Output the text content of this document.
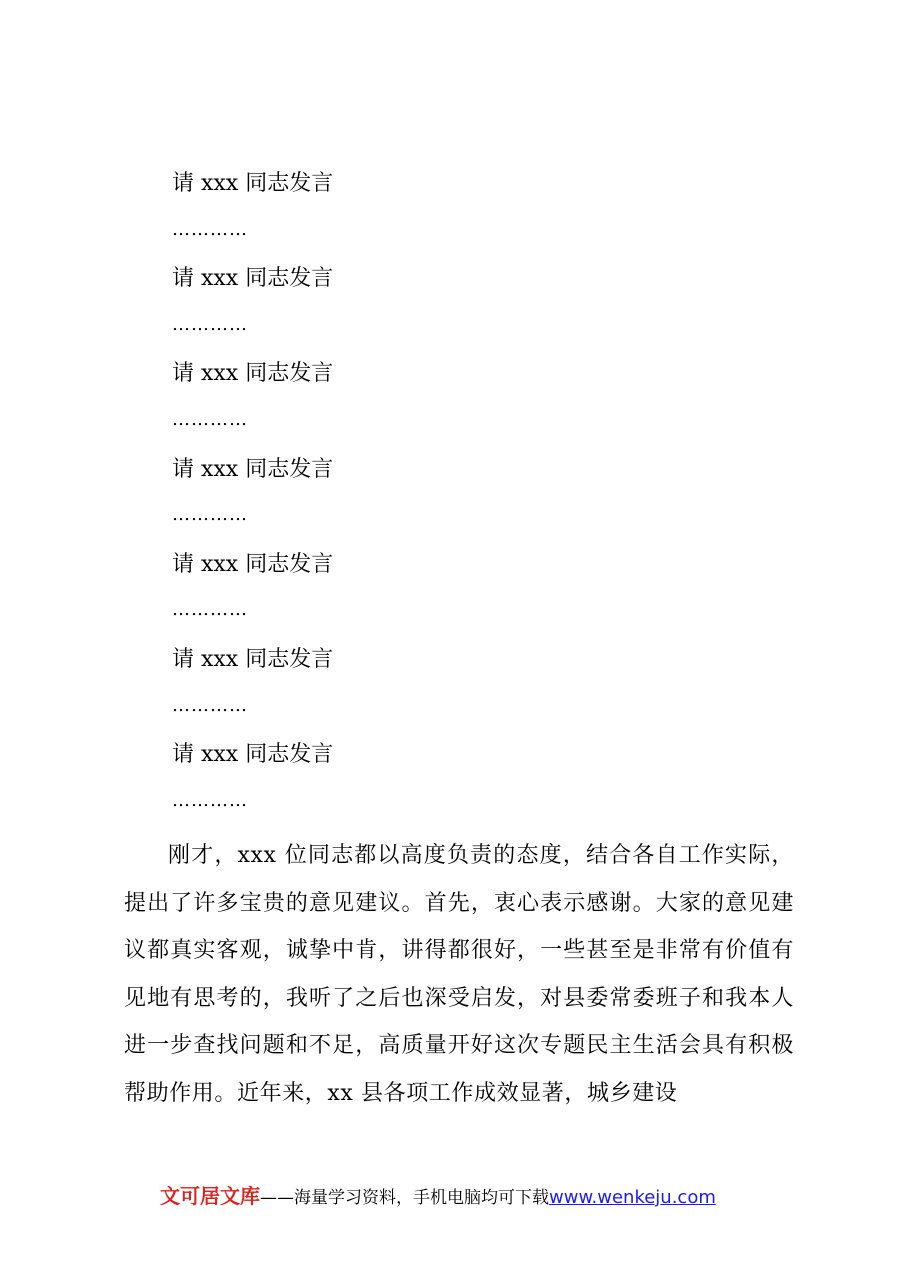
请 xxx 同志发言
…………
请 xxx 同志发言
…………
请 xxx 同志发言
…………
请 xxx 同志发言
…………
请 xxx 同志发言
…………
请 xxx 同志发言
…………
请 xxx 同志发言
…………

刚才，xxx 位同志都以高度负责的态度，结合各自工作实际，提出了许多宝贵的意见建议。首先，衷心表示感谢。大家的意见建议都真实客观，诚挚中肯，讲得都很好，一些甚至是非常有价值有见地有思考的，我听了之后也深受启发，对县委常委班子和我本人进一步查找问题和不足，高质量开好这次专题民主生活会具有积极帮助作用。近年来，xx 县各项工作成效显著，城乡建设

文可居文库——海量学习资料，手机电脑均可下载www.wenkeju.com
